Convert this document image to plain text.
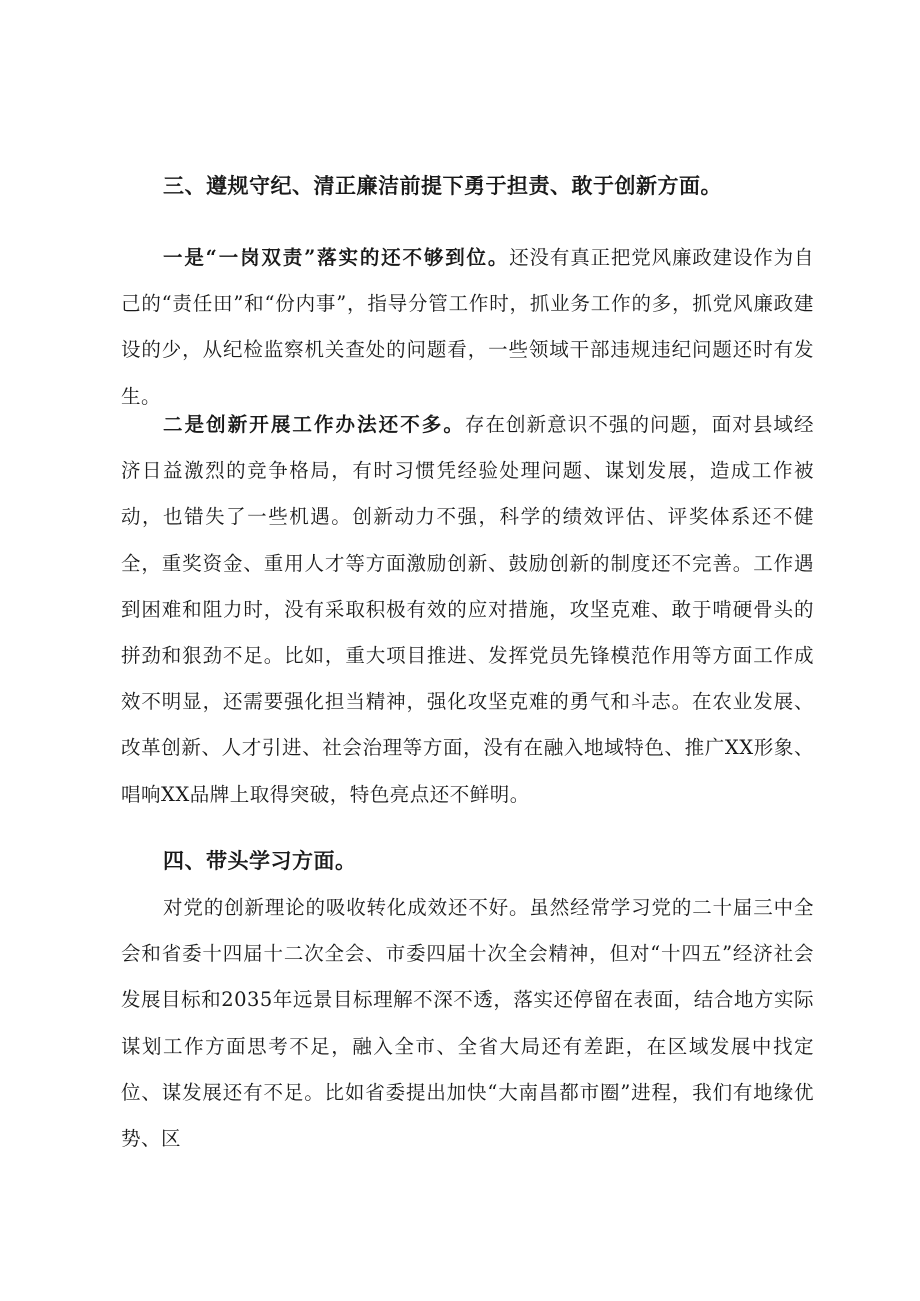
三、遵规守纪、清正廉洁前提下勇于担责、敢于创新方面。

一是“一岗双责”落实的还不够到位。还没有真正把党风廉政建设作为自己的“责任田”和“份内事”，指导分管工作时，抓业务工作的多，抓党风廉政建设的少，从纪检监察机关查处的问题看，一些领域干部违规违纪问题还时有发生。

二是创新开展工作办法还不多。存在创新意识不强的问题，面对县域经济日益激烈的竞争格局，有时习惯凭经验处理问题、谋划发展，造成工作被动，也错失了一些机遇。创新动力不强，科学的绩效评估、评奖体系还不健全，重奖资金、重用人才等方面激励创新、鼓励创新的制度还不完善。工作遇到困难和阻力时，没有采取积极有效的应对措施，攻坚克难、敢于啃硬骨头的拼劲和狠劲不足。比如，重大项目推进、发挥党员先锋模范作用等方面工作成效不明显，还需要强化担当精神，强化攻坚克难的勇气和斗志。在农业发展、改革创新、人才引进、社会治理等方面，没有在融入地域特色、推广XX形象、唱响XX品牌上取得突破，特色亮点还不鲜明。

四、带头学习方面。

对党的创新理论的吸收转化成效还不好。虽然经常学习党的二十届三中全会和省委十四届十二次全会、市委四届十次全会精神，但对“十四五”经济社会发展目标和2035年远景目标理解不深不透，落实还停留在表面，结合地方实际谋划工作方面思考不足，融入全市、全省大局还有差距，在区域发展中找定位、谋发展还有不足。比如省委提出加快“大南昌都市圈”进程，我们有地缘优势、区
